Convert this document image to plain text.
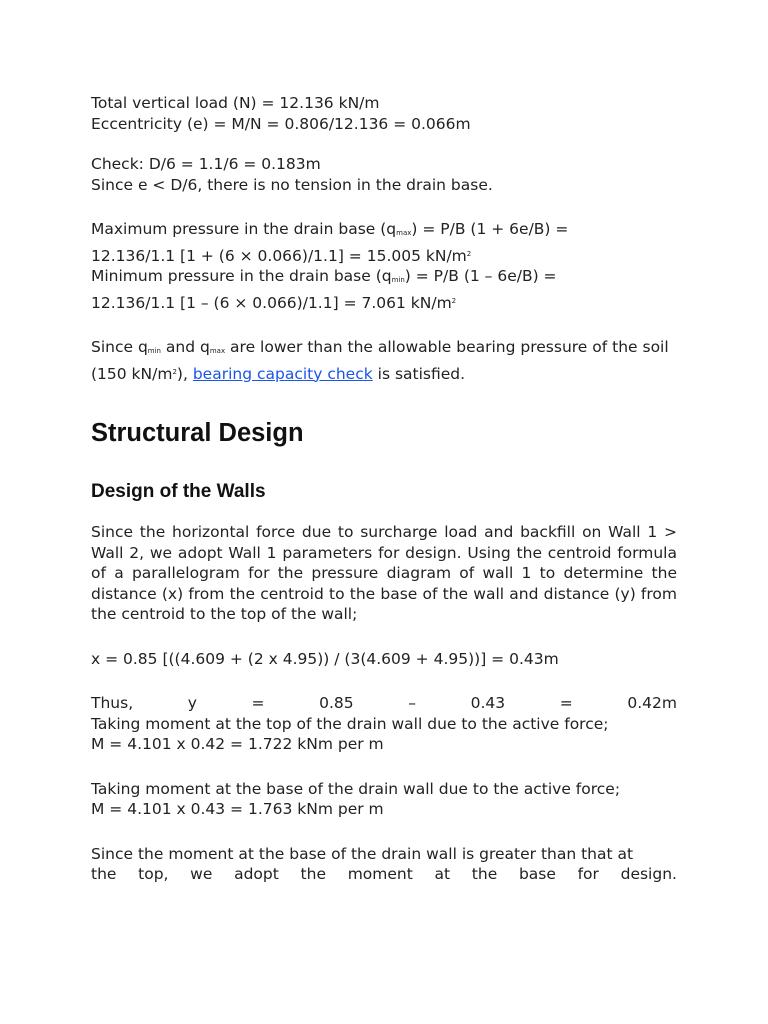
Total vertical load (N) = 12.136 kN/m

Eccentricity (e) = M/N = 0.806/12.136 = 0.066m

Check: D/6 = 1.1/6 = 0.183m

Since e < D/6, there is no tension in the drain base.

Maximum pressure in the drain base (qmax) = P/B (1 + 6e/B) =

12.136/1.1 [1 + (6 × 0.066)/1.1] = 15.005 $kN/m^2$

Minimum pressure in the drain base (qmin) = P/B (1 – 6e/B) =

12.136/1.1 [1 – (6 × 0.066)/1.1] = 7.061 $kN/m^2$

Since qmin and qmax are lower than the allowable bearing pressure of the soil (150 $kN/m^2$), bearing capacity check is satisfied.

Structural Design
Design of the Walls

Since the horizontal force due to surcharge load and backfill on Wall 1 > Wall 2, we adopt Wall 1 parameters for design. Using the centroid formula of a parallelogram for the pressure diagram of wall 1 to determine the distance (x) from the centroid to the base of the wall and distance (y) from the centroid to the top of the wall;

x = 0.85 [((4.609 + (2 x 4.95)) / (3(4.609 + 4.95))] = 0.43m

Thus,	y	=	0.85	–	0.43	=	0.42m

Taking moment at the top of the drain wall due to the active force;

M = 4.101 x 0.42 = 1.722 kNm per m

Taking moment at the base of the drain wall due to the active force;

M = 4.101 x 0.43 = 1.763 kNm per m

Since the moment at the base of the drain wall is greater than that at

the top, we adopt the moment at the base for design.
